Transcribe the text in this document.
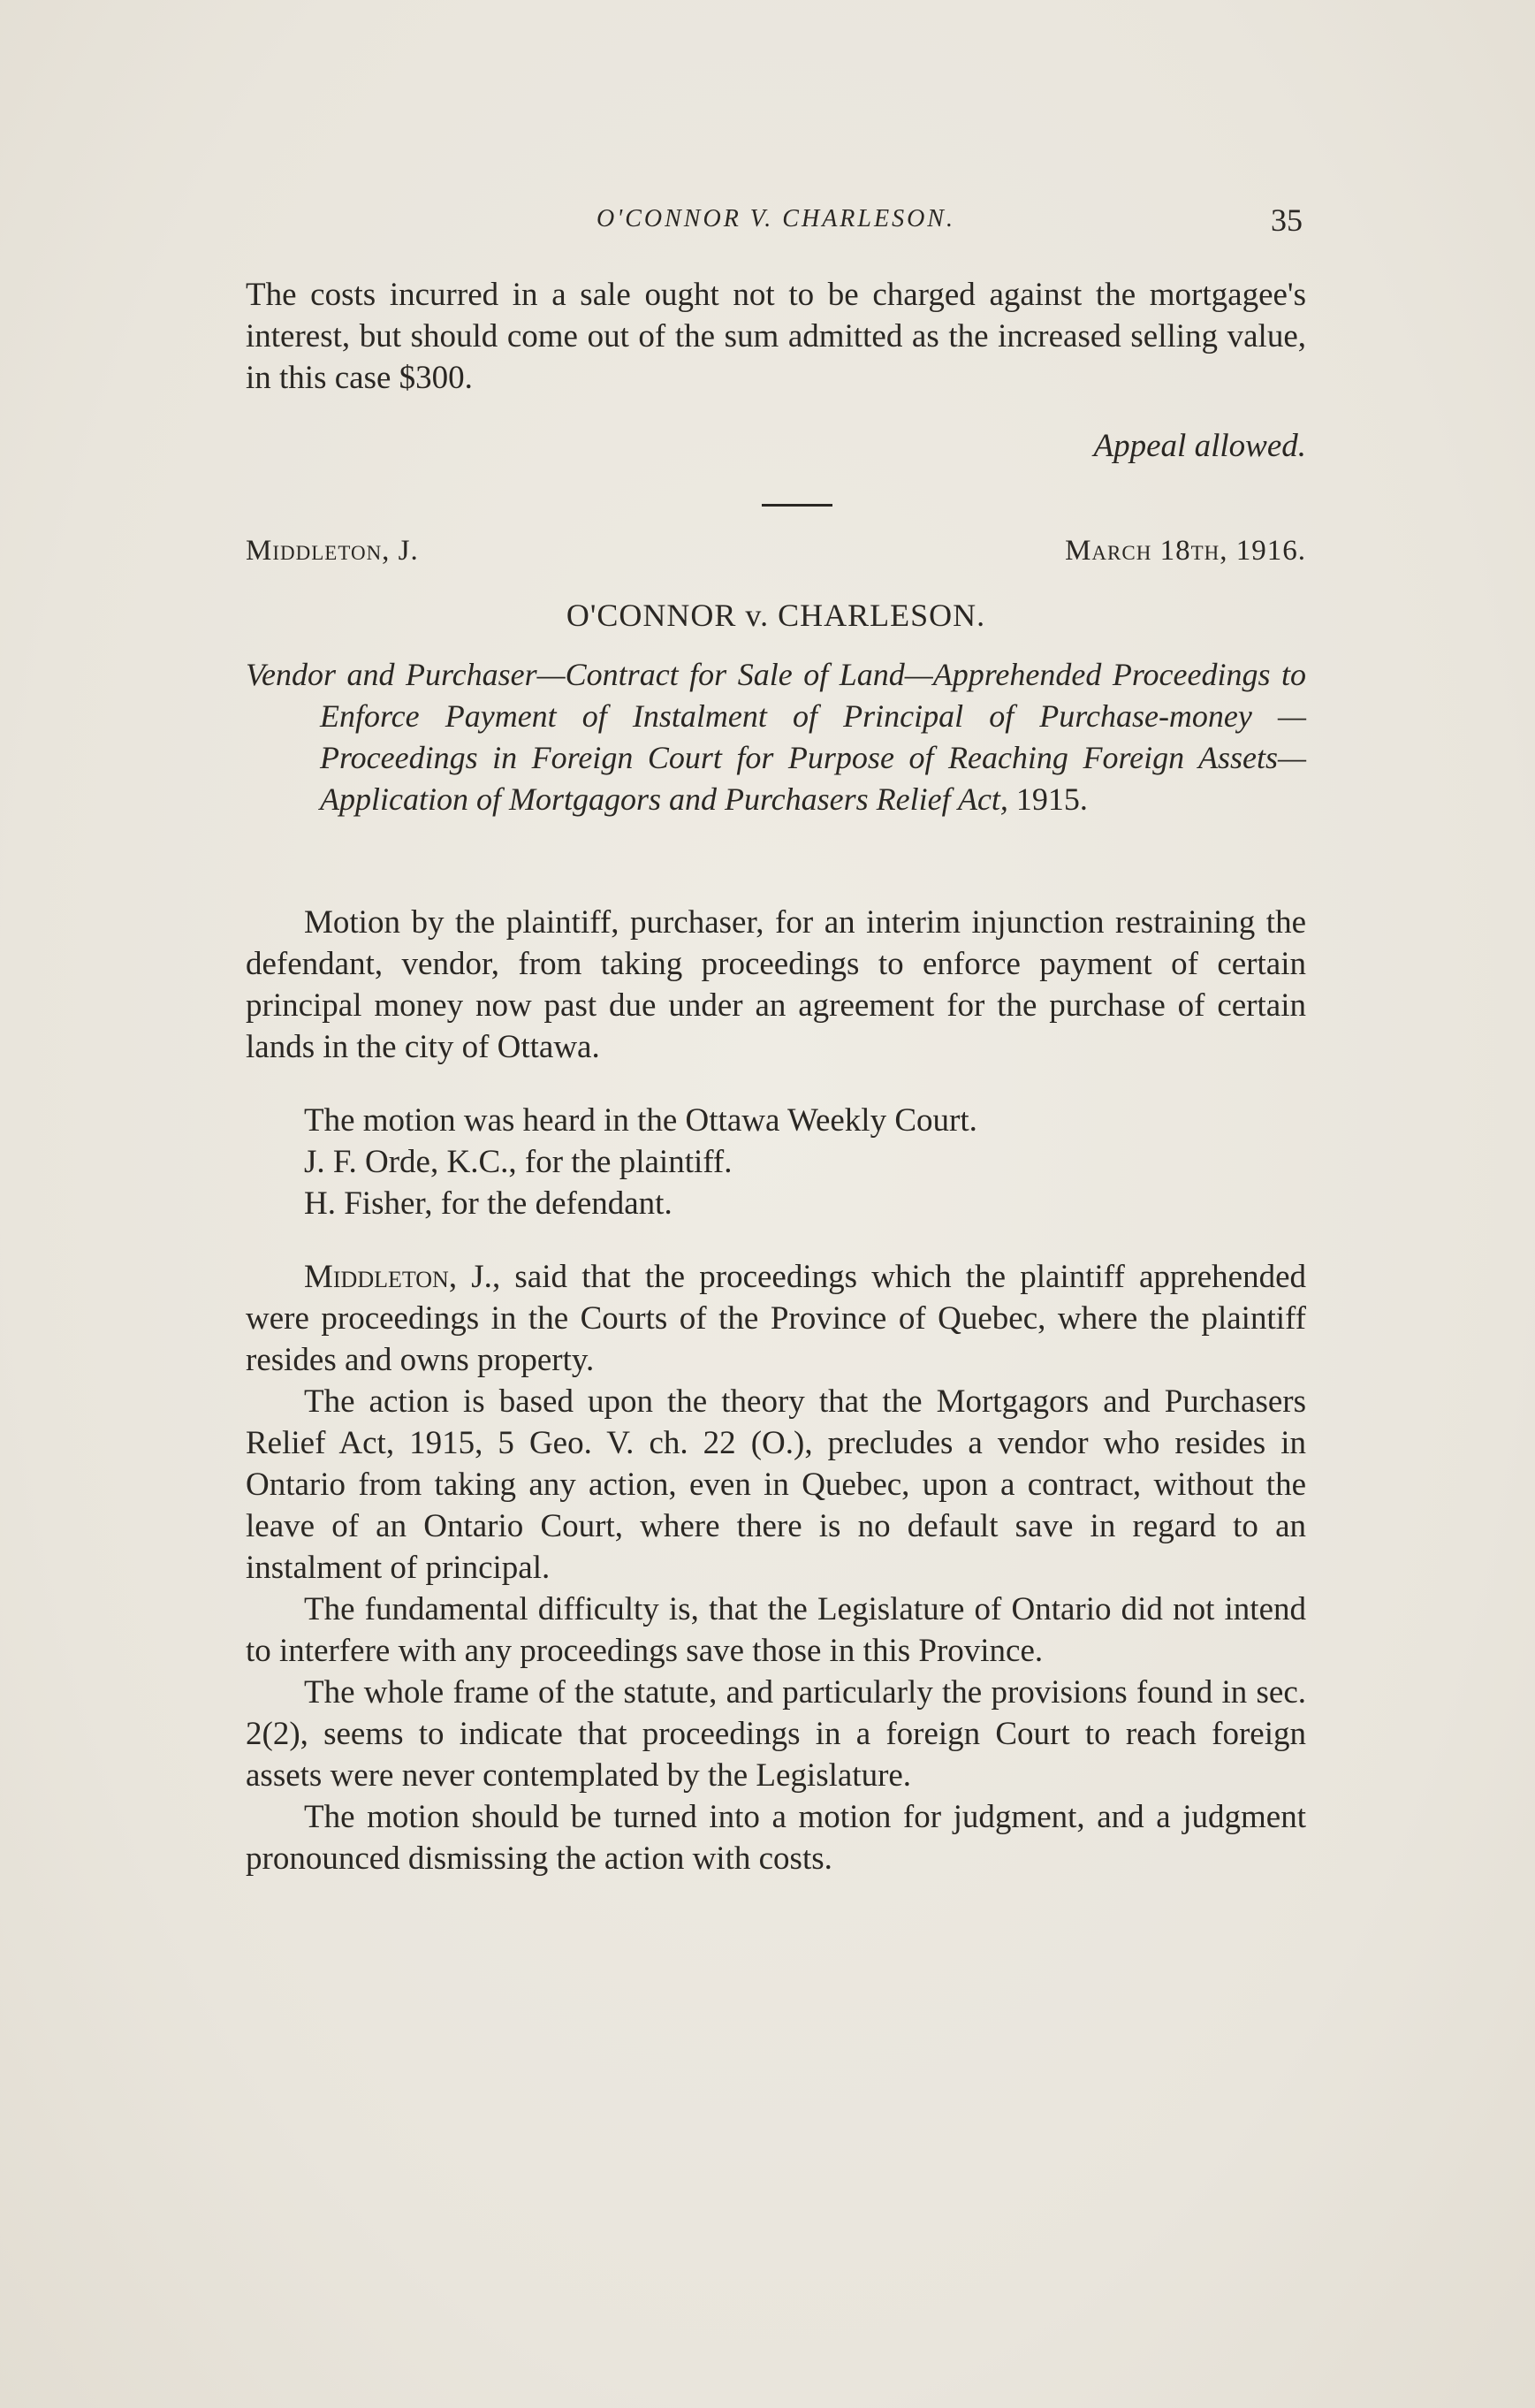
O'CONNOR V. CHARLESON.	35

The costs incurred in a sale ought not to be charged against the mortgagee's interest, but should come out of the sum admitted as the increased selling value, in this case $300.

Appeal allowed.

Middleton, J.	March 18th, 1916.
O'CONNOR v. CHARLESON.
Vendor and Purchaser—Contract for Sale of Land—Apprehended Proceedings to Enforce Payment of Instalment of Principal of Purchase-money — Proceedings in Foreign Court for Purpose of Reaching Foreign Assets—Application of Mortgagors and Purchasers Relief Act, 1915.

Motion by the plaintiff, purchaser, for an interim injunction restraining the defendant, vendor, from taking proceedings to enforce payment of certain principal money now past due under an agreement for the purchase of certain lands in the city of Ottawa.

The motion was heard in the Ottawa Weekly Court.

J. F. Orde, K.C., for the plaintiff.

H. Fisher, for the defendant.

Middleton, J., said that the proceedings which the plaintiff apprehended were proceedings in the Courts of the Province of Quebec, where the plaintiff resides and owns property.

The action is based upon the theory that the Mortgagors and Purchasers Relief Act, 1915, 5 Geo. V. ch. 22 (O.), precludes a vendor who resides in Ontario from taking any action, even in Quebec, upon a contract, without the leave of an Ontario Court, where there is no default save in regard to an instalment of principal.

The fundamental difficulty is, that the Legislature of Ontario did not intend to interfere with any proceedings save those in this Province.

The whole frame of the statute, and particularly the provisions found in sec. 2(2), seems to indicate that proceedings in a foreign Court to reach foreign assets were never contemplated by the Legislature.

The motion should be turned into a motion for judgment, and a judgment pronounced dismissing the action with costs.
